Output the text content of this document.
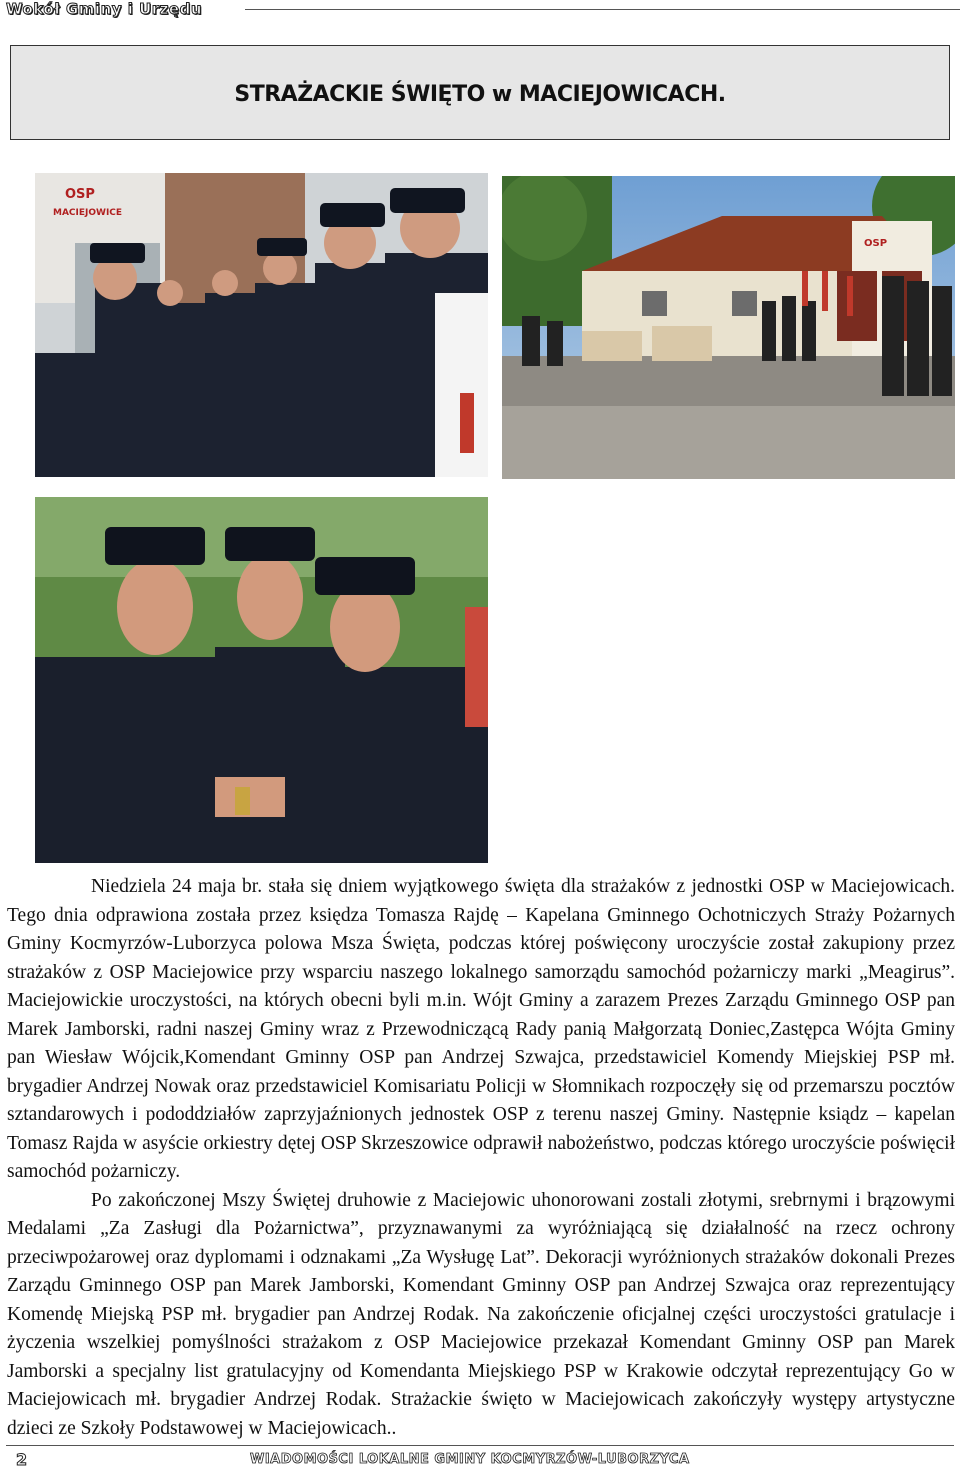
Wokół Gminy i Urzędu
STRAŻACKIE ŚWIĘTO w MACIEJOWICACH.
OSP
OSP
MACIEJOWICE

Niedziela 24 maja br. stała się dniem wyjątkowego święta dla strażaków z jednostki OSP w Maciejowicach. Tego dnia odprawiona została przez księdza Tomasza Rajdę – Kapelana Gminnego Ochotniczych Straży Pożarnych Gminy Kocmyrzów-Luborzyca polowa Msza Święta, podczas której poświęcony uroczyście został zakupiony przez strażaków z OSP Maciejowice przy wsparciu naszego lokalnego samorządu samochód pożarniczy marki „Meagirus”. Maciejowickie uroczystości, na których obecni byli m.in. Wójt Gminy a zarazem Prezes Zarządu Gminnego OSP pan Marek Jamborski, radni naszej Gminy wraz z Przewodniczącą Rady panią Małgorzatą Doniec,Zastępca Wójta Gminy pan Wiesław Wójcik,Komendant Gminny OSP pan Andrzej Szwajca, przedstawiciel Komendy Miejskiej PSP mł. brygadier Andrzej Nowak oraz przedstawiciel Komisariatu Policji w Słomnikach rozpoczęły się od przemarszu pocztów sztandarowych i pododdziałów zaprzyjaźnionych jednostek OSP z terenu naszej Gminy. Następnie ksiądz – kapelan Tomasz Rajda w asyście orkiestry dętej OSP Skrzeszowice odprawił nabożeństwo, podczas którego uroczyście poświęcił samochód pożarniczy.

Po zakończonej Mszy Świętej druhowie z Maciejowic uhonorowani zostali złotymi, srebrnymi i brązowymi Medalami „Za Zasługi dla Pożarnictwa”, przyznawanymi za wyróżniającą się działalność na rzecz ochrony przeciwpożarowej oraz dyplomami i odznakami „Za Wysługę Lat”. Dekoracji wyróżnionych strażaków dokonali Prezes Zarządu Gminnego OSP pan Marek Jamborski, Komendant Gminny OSP pan Andrzej Szwajca oraz reprezentujący Komendę Miejską PSP mł. brygadier pan Andrzej Rodak. Na zakończenie oficjalnej części uroczystości gratulacje i życzenia wszelkiej pomyślności strażakom z OSP Maciejowice przekazał Komendant Gminny OSP pan Marek Jamborski a specjalny list gratulacyjny od Komendanta Miejskiego PSP w Krakowie odczytał reprezentujący Go w Maciejowicach mł. brygadier Andrzej Rodak. Strażackie święto w Maciejowicach zakończyły występy artystyczne dzieci ze Szkoły Podstawowej w Maciejowicach..

2	WIADOMOŚCI LOKALNE GMINY KOCMYRZÓW-LUBORZYCA
